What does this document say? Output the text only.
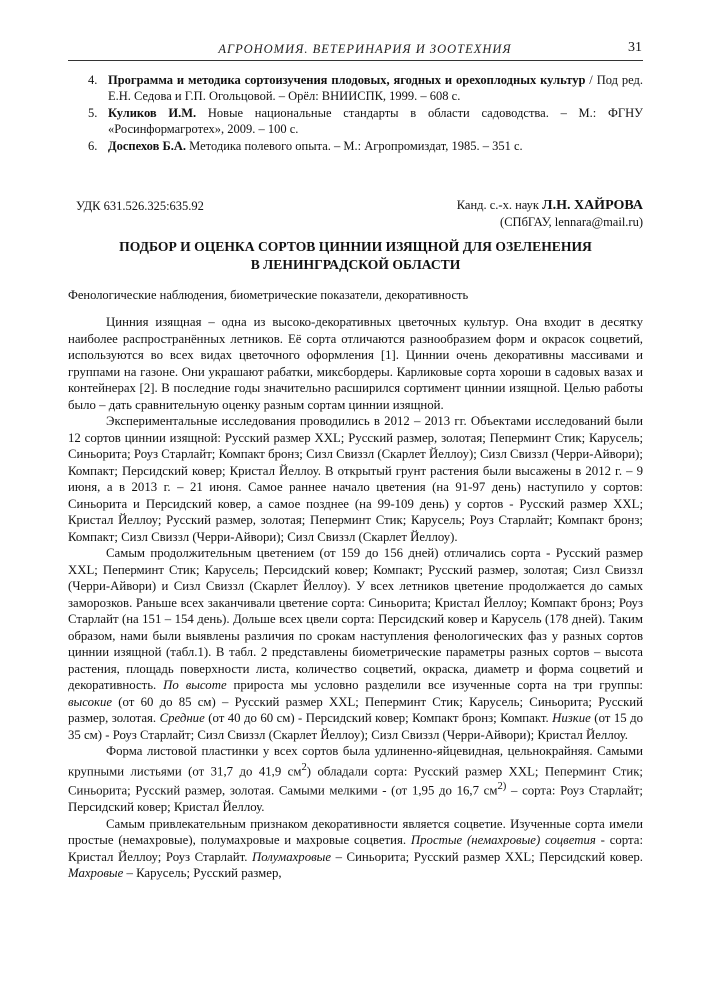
АГРОНОМИЯ. ВЕТЕРИНАРИЯ И ЗООТЕХНИЯ	31
4. Программа и методика сортоизучения плодовых, ягодных и орехоплодных культур / Под ред. Е.Н. Седова и Г.П. Огольцовой. – Орёл: ВНИИСПК, 1999. – 608 с.
5. Куликов И.М. Новые национальные стандарты в области садоводства. – М.: ФГНУ «Росинформагротех», 2009. – 100 с.
6. Доспехов Б.А. Методика полевого опыта. – М.: Агропромиздат, 1985. – 351 с.
УДК 631.526.325:635.92	Канд. с.-х. наук Л.Н. ХАЙРОВА
(СПбГАУ, lennara@mail.ru)
ПОДБОР И ОЦЕНКА СОРТОВ ЦИННИИ ИЗЯЩНОЙ ДЛЯ ОЗЕЛЕНЕНИЯ
В ЛЕНИНГРАДСКОЙ ОБЛАСТИ
Фенологические наблюдения, биометрические показатели, декоративность

Цинния изящная – одна из высоко-декоративных цветочных культур. Она входит в десятку наиболее распространённых летников. Её сорта отличаются разнообразием форм и окрасок соцветий, используются во всех видах цветочного оформления [1]. Циннии очень декоративны массивами и группами на газоне. Они украшают рабатки, миксбордеры. Карликовые сорта хороши в садовых вазах и контейнерах [2]. В последние годы значительно расширился сортимент циннии изящной. Целью работы было – дать сравнительную оценку разным сортам циннии изящной.

Экспериментальные исследования проводились в 2012 – 2013 гг. Объектами исследований были 12 сортов циннии изящной: Русский размер XXL; Русский размер, золотая; Пеперминт Стик; Карусель; Синьорита; Роуз Старлайт; Компакт бронз; Сизл Свиззл (Скарлет Йеллоу); Сизл Свиззл (Черри-Айвори); Компакт; Персидский ковер; Кристал Йеллоу. В открытый грунт растения были высажены в 2012 г. – 9 июня, а в 2013 г. – 21 июня. Самое раннее начало цветения (на 91-97 день) наступило у сортов: Синьорита и Персидский ковер, а самое позднее (на 99-109 день) у сортов - Русский размер XXL; Кристал Йеллоу; Русский размер, золотая; Пеперминт Стик; Карусель; Роуз Старлайт; Компакт бронз; Компакт; Сизл Свиззл (Черри-Айвори); Сизл Свиззл (Скарлет Йеллоу).

Самым продолжительным цветением (от 159 до 156 дней) отличались сорта - Русский размер XXL; Пеперминт Стик; Карусель; Персидский ковер; Компакт; Русский размер, золотая; Сизл Свиззл (Черри-Айвори) и Сизл Свиззл (Скарлет Йеллоу). У всех летников цветение продолжается до самых заморозков. Раньше всех заканчивали цветение сорта: Синьорита; Кристал Йеллоу; Компакт бронз; Роуз Старлайт (на 151 – 154 день). Дольше всех цвели сорта: Персидский ковер и Карусель (178 дней). Таким образом, нами были выявлены различия по срокам наступления фенологических фаз у разных сортов циннии изящной (табл.1). В табл. 2 представлены биометрические параметры разных сортов – высота растения, площадь поверхности листа, количество соцветий, окраска, диаметр и форма соцветий и декоративность. По высоте прироста мы условно разделили все изученные сорта на три группы: высокие (от 60 до 85 см) – Русский размер XXL; Пеперминт Стик; Карусель; Синьорита; Русский размер, золотая. Средние (от 40 до 60 см) - Персидский ковер; Компакт бронз; Компакт. Низкие (от 15 до 35 см) - Роуз Старлайт; Сизл Свиззл (Скарлет Йеллоу); Сизл Свиззл (Черри-Айвори); Кристал Йеллоу.

Форма листовой пластинки у всех сортов была удлиненно-яйцевидная, цельнокрайняя. Самыми крупными листьями (от 31,7 до 41,9 $см^2$) обладали сорта: Русский размер XXL; Пеперминт Стик; Синьорита; Русский размер, золотая. Самыми мелкими - (от 1,95 до 16,7 $см^{2)}$ – сорта: Роуз Старлайт; Персидский ковер; Кристал Йеллоу.

Самым привлекательным признаком декоративности является соцветие. Изученные сорта имели простые (немахровые), полумахровые и махровые соцветия. Простые (немахровые) соцветия - сорта: Кристал Йеллоу; Роуз Старлайт. Полумахровые – Синьорита; Русский размер XXL; Персидский ковер. Махровые – Карусель; Русский размер,
